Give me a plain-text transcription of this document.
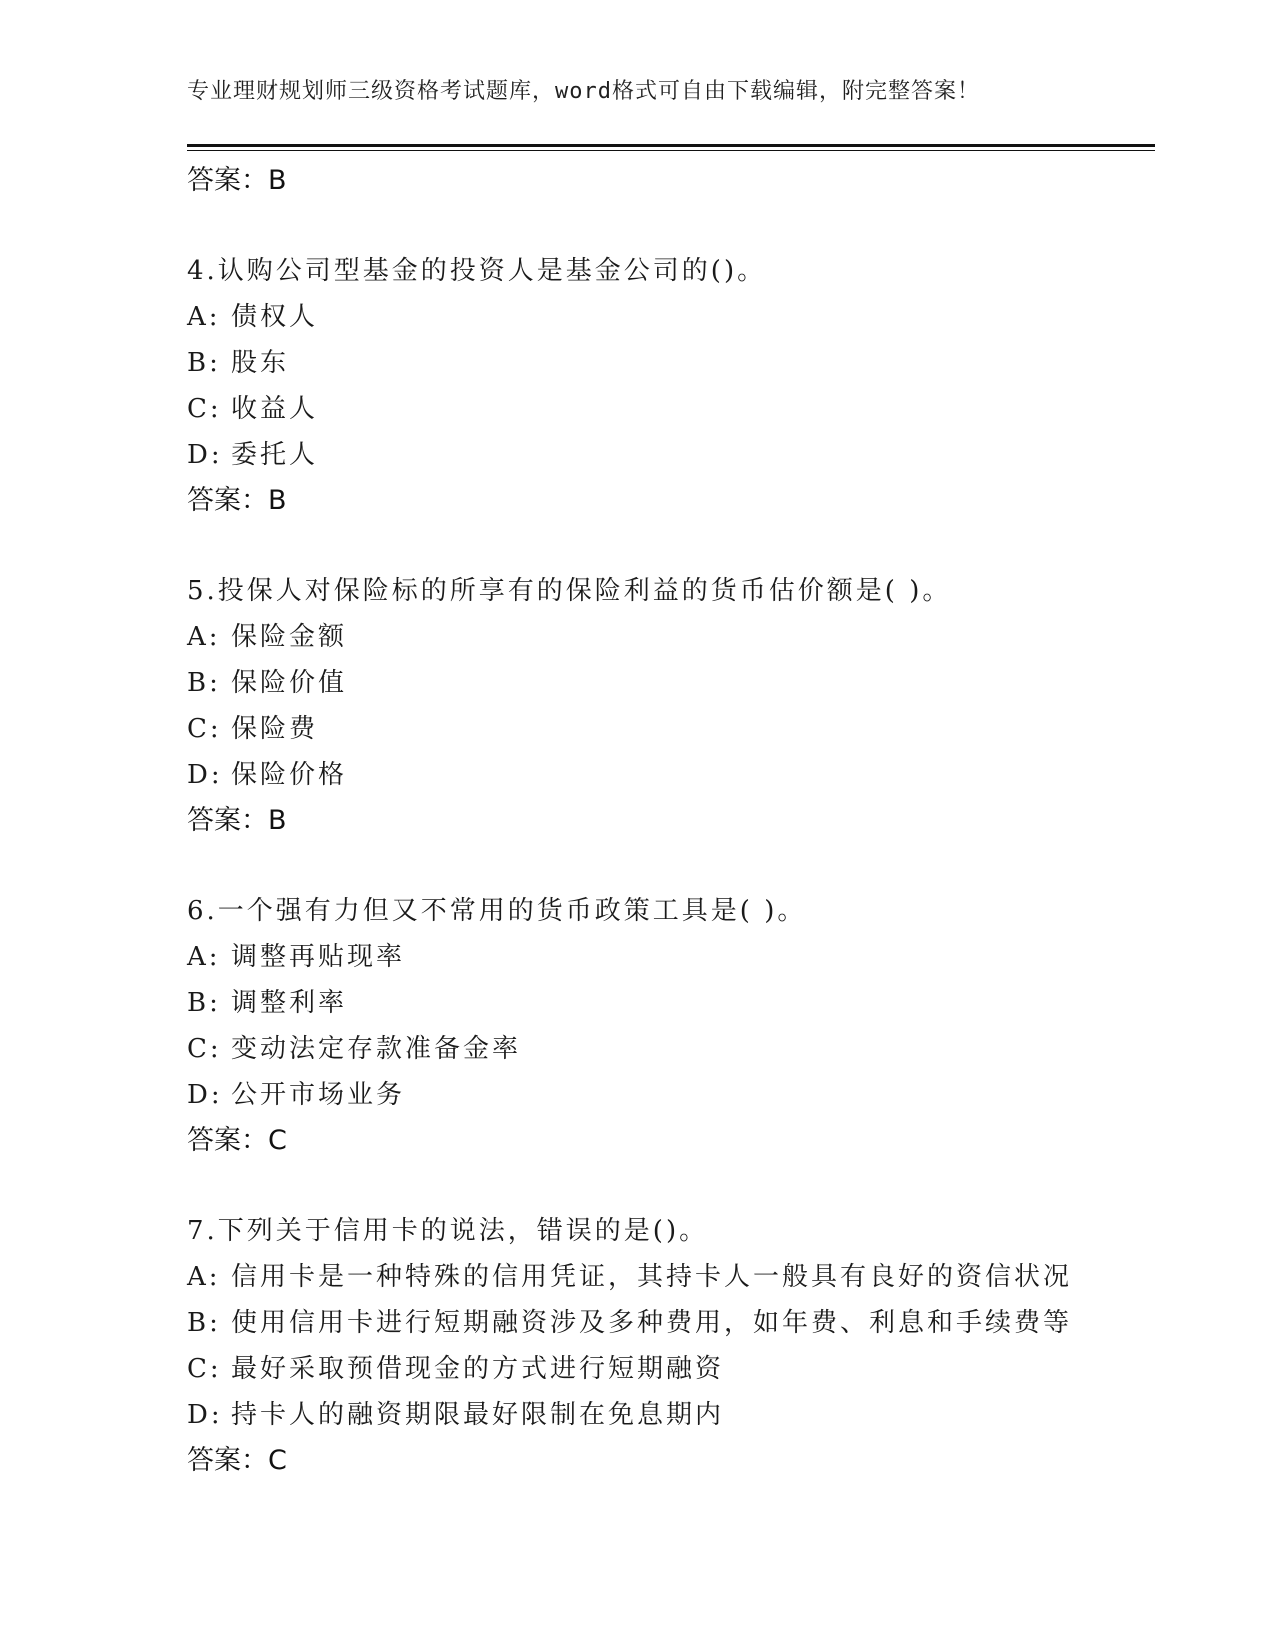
专业理财规划师三级资格考试题库，word格式可自由下载编辑，附完整答案！
答案：B
4.认购公司型基金的投资人是基金公司的()。
A: 债权人
B: 股东
C: 收益人
D: 委托人
答案：B
5.投保人对保险标的所享有的保险利益的货币估价额是( )。
A: 保险金额
B: 保险价值
C: 保险费
D: 保险价格
答案：B
6.一个强有力但又不常用的货币政策工具是( )。
A: 调整再贴现率
B: 调整利率
C: 变动法定存款准备金率
D: 公开市场业务
答案：C
7.下列关于信用卡的说法，错误的是()。
A: 信用卡是一种特殊的信用凭证，其持卡人一般具有良好的资信状况
B: 使用信用卡进行短期融资涉及多种费用，如年费、利息和手续费等
C: 最好采取预借现金的方式进行短期融资
D: 持卡人的融资期限最好限制在免息期内
答案：C
